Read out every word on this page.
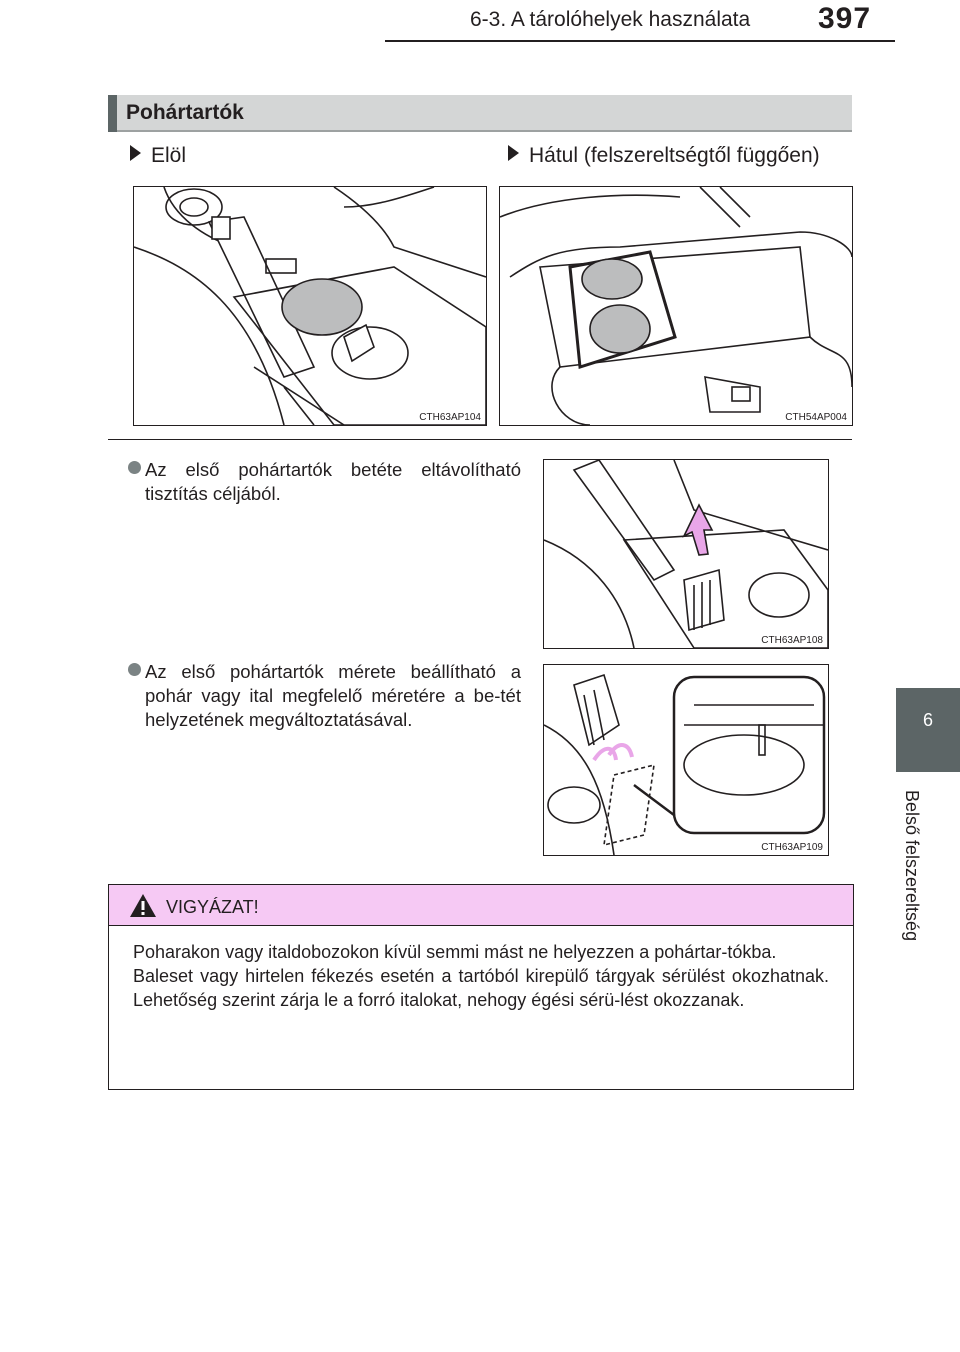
6-3. A tárolóhelyek használata 397
6
Belső felszereltség
Pohártartók
Elöl	Hátul (felszereltségtől függően)
CTH63AP104	CTH54AP004
Az első pohártartók betéte eltávolítható tisztítás céljából.
CTH63AP108
Az első pohártartók mérete beállítható a pohár vagy ital megfelelő méretére a be-tét helyzetének megváltoztatásával.
CTH63AP109
VIGYÁZAT!

Poharakon vagy italdobozokon kívül semmi mást ne helyezzen a pohártar-tókba.

Baleset vagy hirtelen fékezés esetén a tartóból kirepülő tárgyak sérülést okozhatnak. Lehetőség szerint zárja le a forró italokat, nehogy égési sérü-lést okozzanak.
